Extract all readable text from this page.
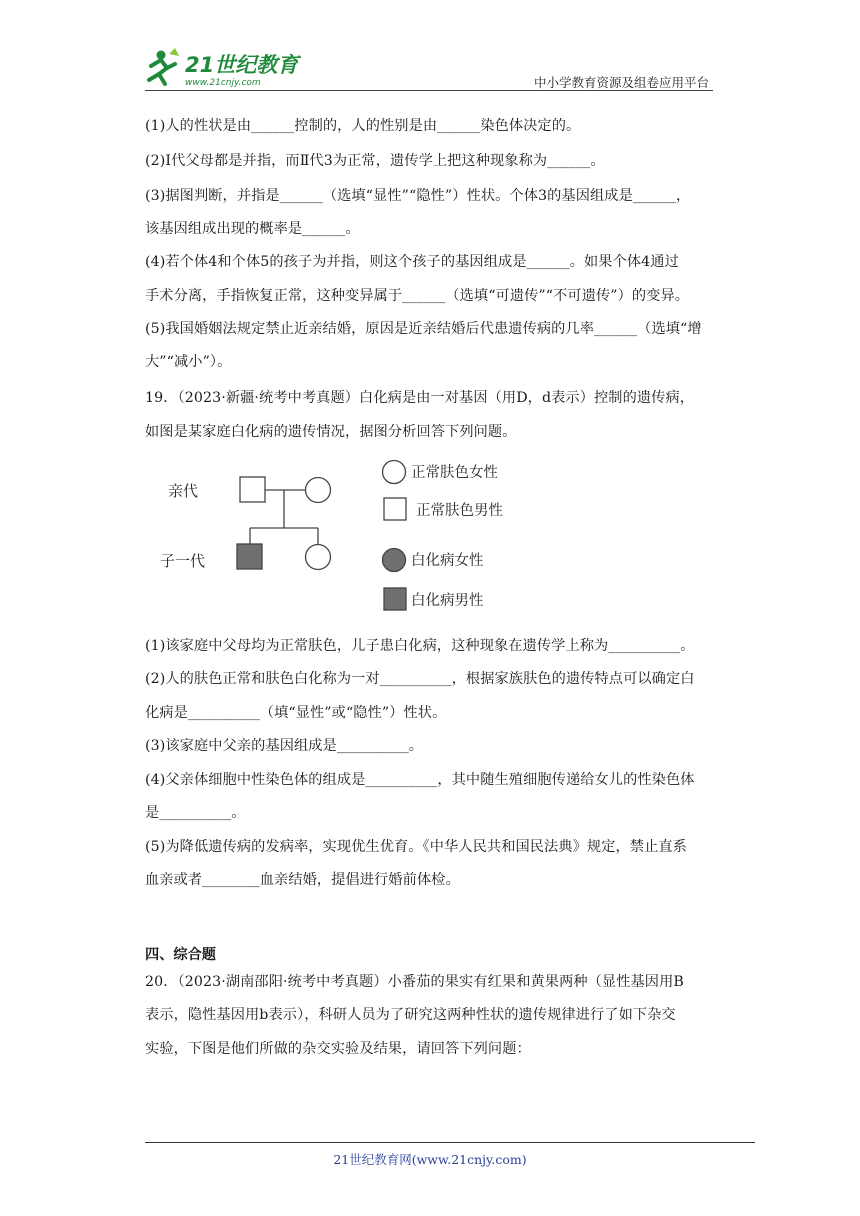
21世纪教育
www.21cnjy.com	中小学教育资源及组卷应用平台
(1)人的性状是由______控制的，人的性别是由______染色体决定的。
(2)Ⅰ代父母都是并指，而Ⅱ代3为正常，遗传学上把这种现象称为______。
(3)据图判断，并指是______（选填“显性”“隐性”）性状。个体3的基因组成是______，
该基因组成出现的概率是______。
(4)若个体4和个体5的孩子为并指，则这个孩子的基因组成是______。如果个体4通过
手术分离，手指恢复正常，这种变异属于______（选填“可遗传”“不可遗传”）的变异。
(5)我国婚姻法规定禁止近亲结婚，原因是近亲结婚后代患遗传病的几率______（选填“增
大”“减小”）。
19．（2023·新疆·统考中考真题）白化病是由一对基因（用D，d表示）控制的遗传病，
如图是某家庭白化病的遗传情况，据图分析回答下列问题。
亲代
子一代
正常肤色女性
正常肤色男性
白化病女性
白化病男性
(1)该家庭中父母均为正常肤色，儿子患白化病，这种现象在遗传学上称为__________。
(2)人的肤色正常和肤色白化称为一对__________，根据家族肤色的遗传特点可以确定白
化病是__________（填“显性”或“隐性”）性状。
(3)该家庭中父亲的基因组成是__________。
(4)父亲体细胞中性染色体的组成是__________，其中随生殖细胞传递给女儿的性染色体
是__________。
(5)为降低遗传病的发病率，实现优生优育。《中华人民共和国民法典》规定，禁止直系
血亲或者________血亲结婚，提倡进行婚前体检。
四、综合题
20．（2023·湖南邵阳·统考中考真题）小番茄的果实有红果和黄果两种（显性基因用B
表示，隐性基因用b表示），科研人员为了研究这两种性状的遗传规律进行了如下杂交
实验，下图是他们所做的杂交实验及结果，请回答下列问题：
21世纪教育网(www.21cnjy.com)
